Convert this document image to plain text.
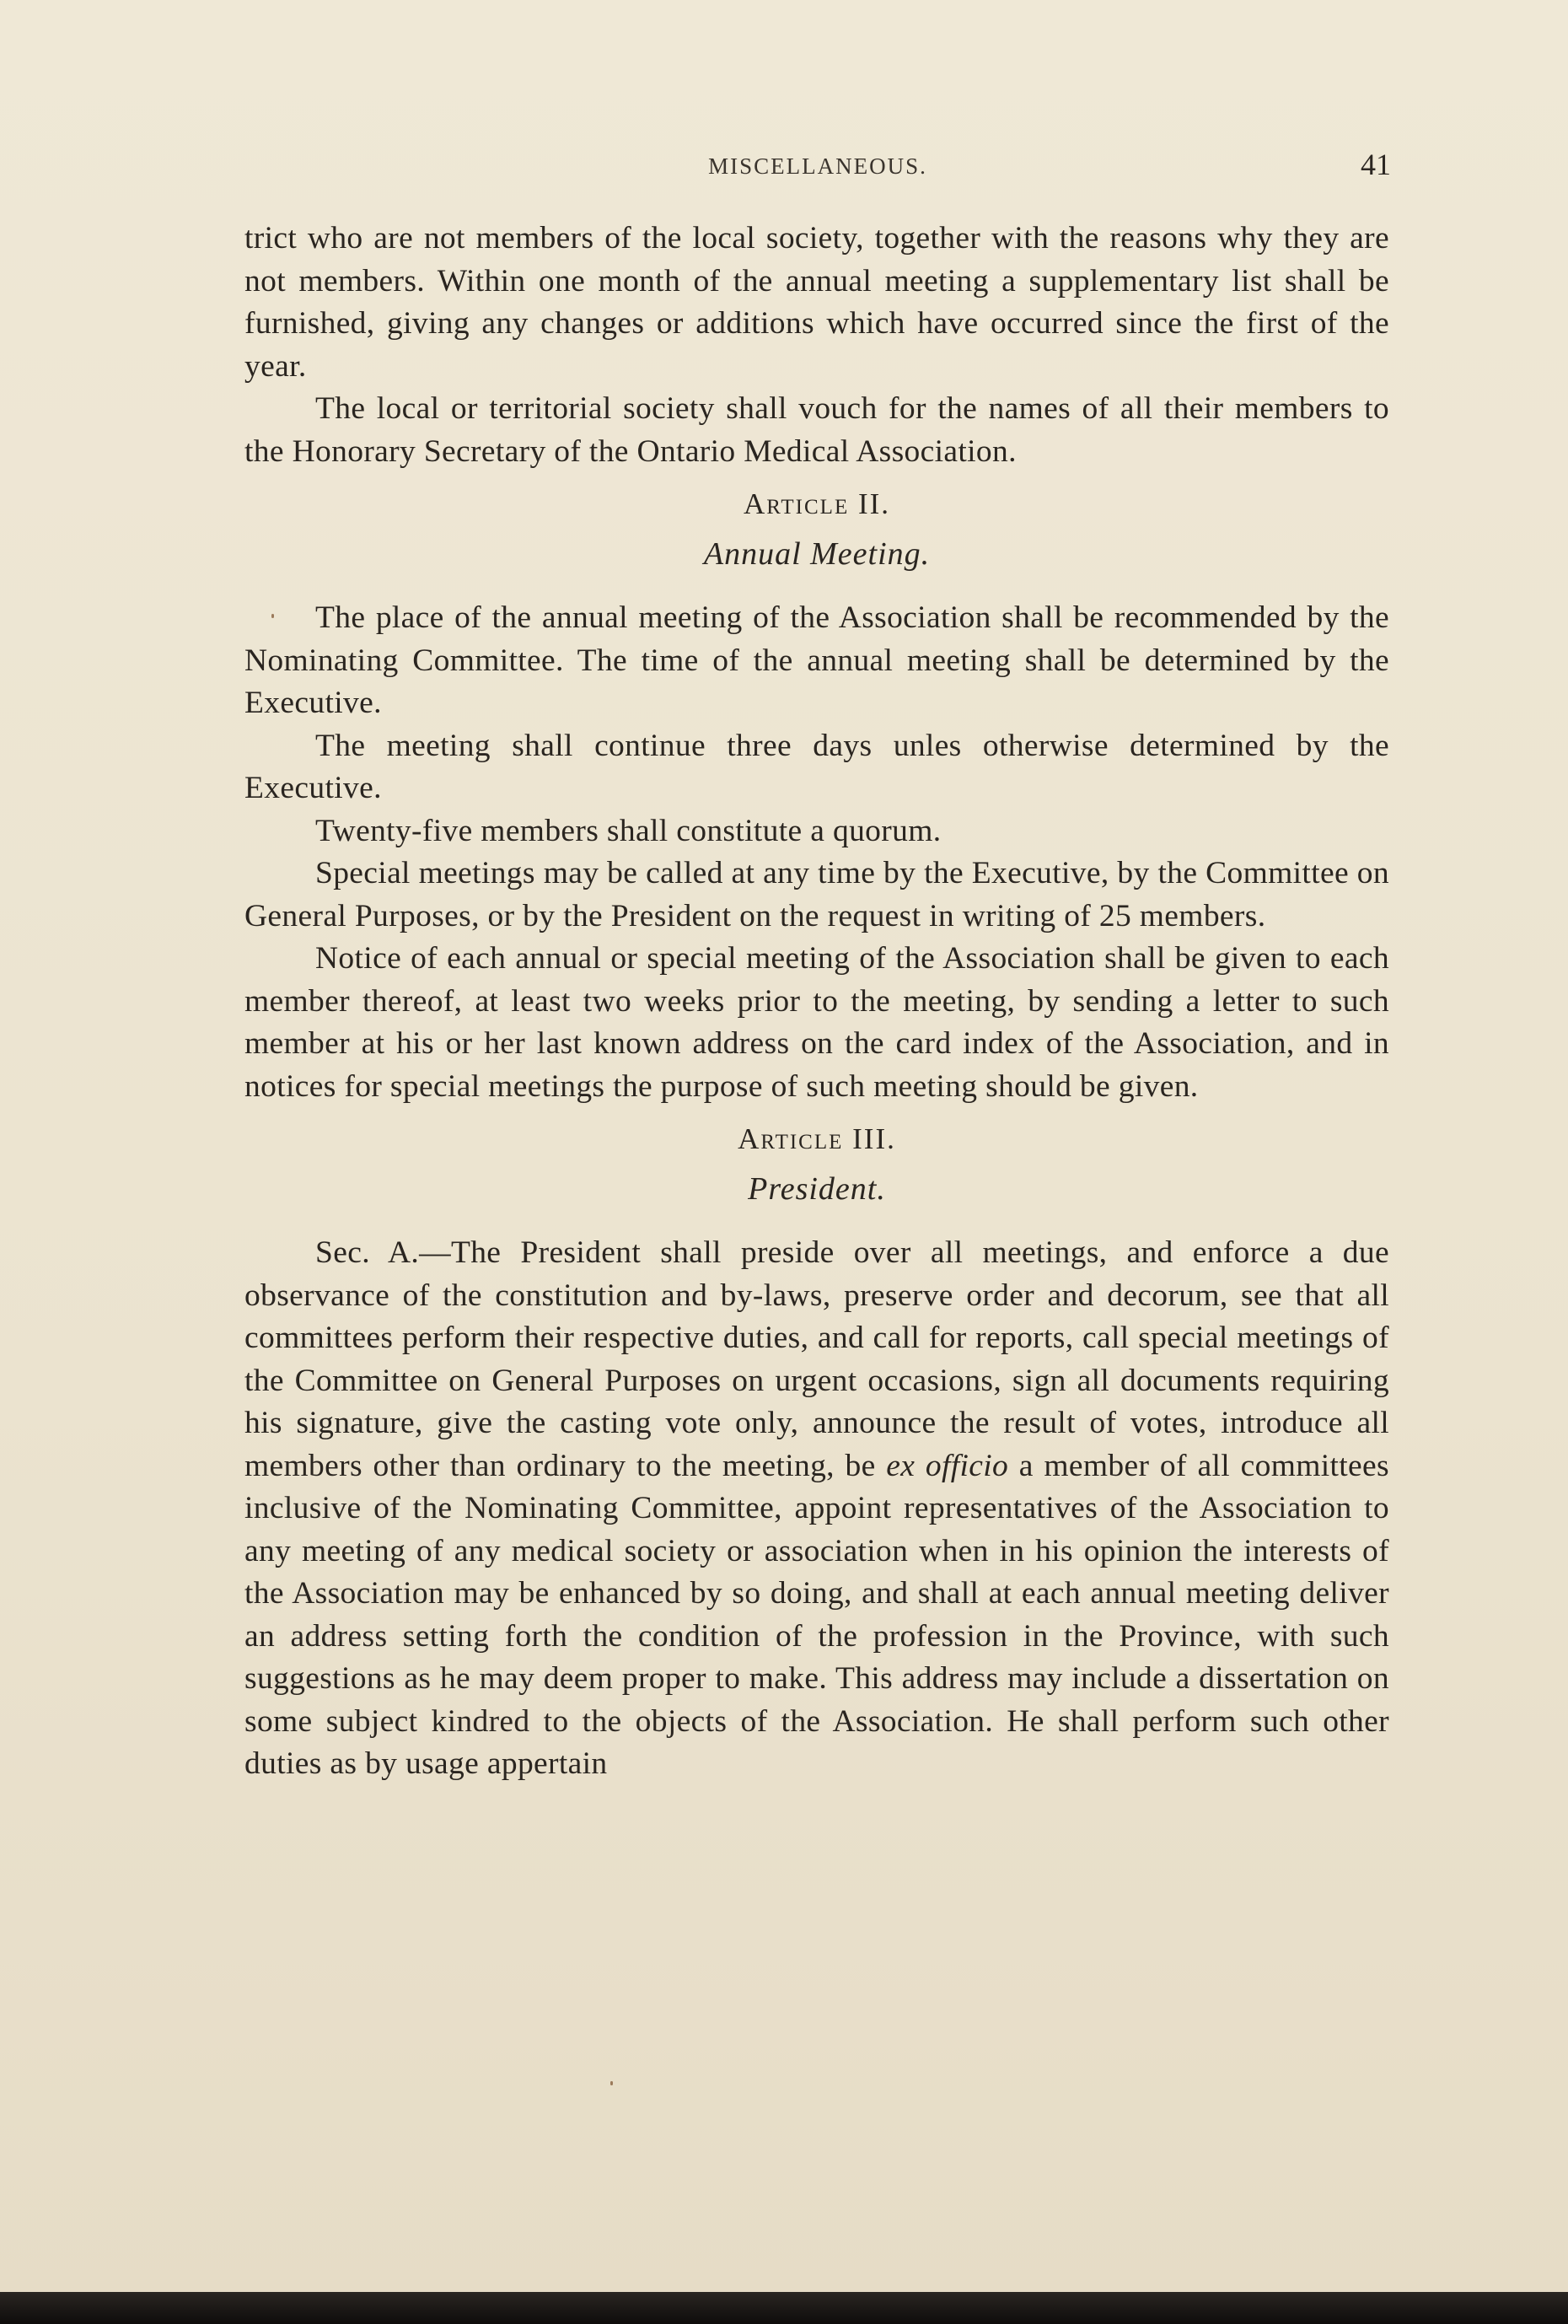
MISCELLANEOUS.	41

trict who are not members of the local society, together with the reasons why they are not members. Within one month of the annual meeting a supplementary list shall be furnished, giving any changes or additions which have occurred since the first of the year.

The local or territorial society shall vouch for the names of all their members to the Honorary Secretary of the Ontario Medical Association.

Article II.
Annual Meeting.

The place of the annual meeting of the Association shall be recommended by the Nominating Committee. The time of the annual meeting shall be determined by the Executive.

The meeting shall continue three days unles otherwise determined by the Executive.

Twenty-five members shall constitute a quorum.

Special meetings may be called at any time by the Executive, by the Committee on General Purposes, or by the President on the request in writing of 25 members.

Notice of each annual or special meeting of the Association shall be given to each member thereof, at least two weeks prior to the meeting, by sending a letter to such member at his or her last known address on the card index of the Association, and in notices for special meetings the purpose of such meeting should be given.

Article III.
President.

Sec. A.—The President shall preside over all meetings, and enforce a due observance of the constitution and by-laws, preserve order and decorum, see that all committees perform their respective duties, and call for reports, call special meetings of the Committee on General Purposes on urgent occasions, sign all documents requiring his signature, give the casting vote only, announce the result of votes, introduce all members other than ordinary to the meeting, be ex officio a member of all committees inclusive of the Nominating Committee, appoint representatives of the Association to any meeting of any medical society or association when in his opinion the interests of the Association may be enhanced by so doing, and shall at each annual meeting deliver an address setting forth the condition of the profession in the Province, with such suggestions as he may deem proper to make. This address may include a dissertation on some subject kindred to the objects of the Association. He shall perform such other duties as by usage appertain
